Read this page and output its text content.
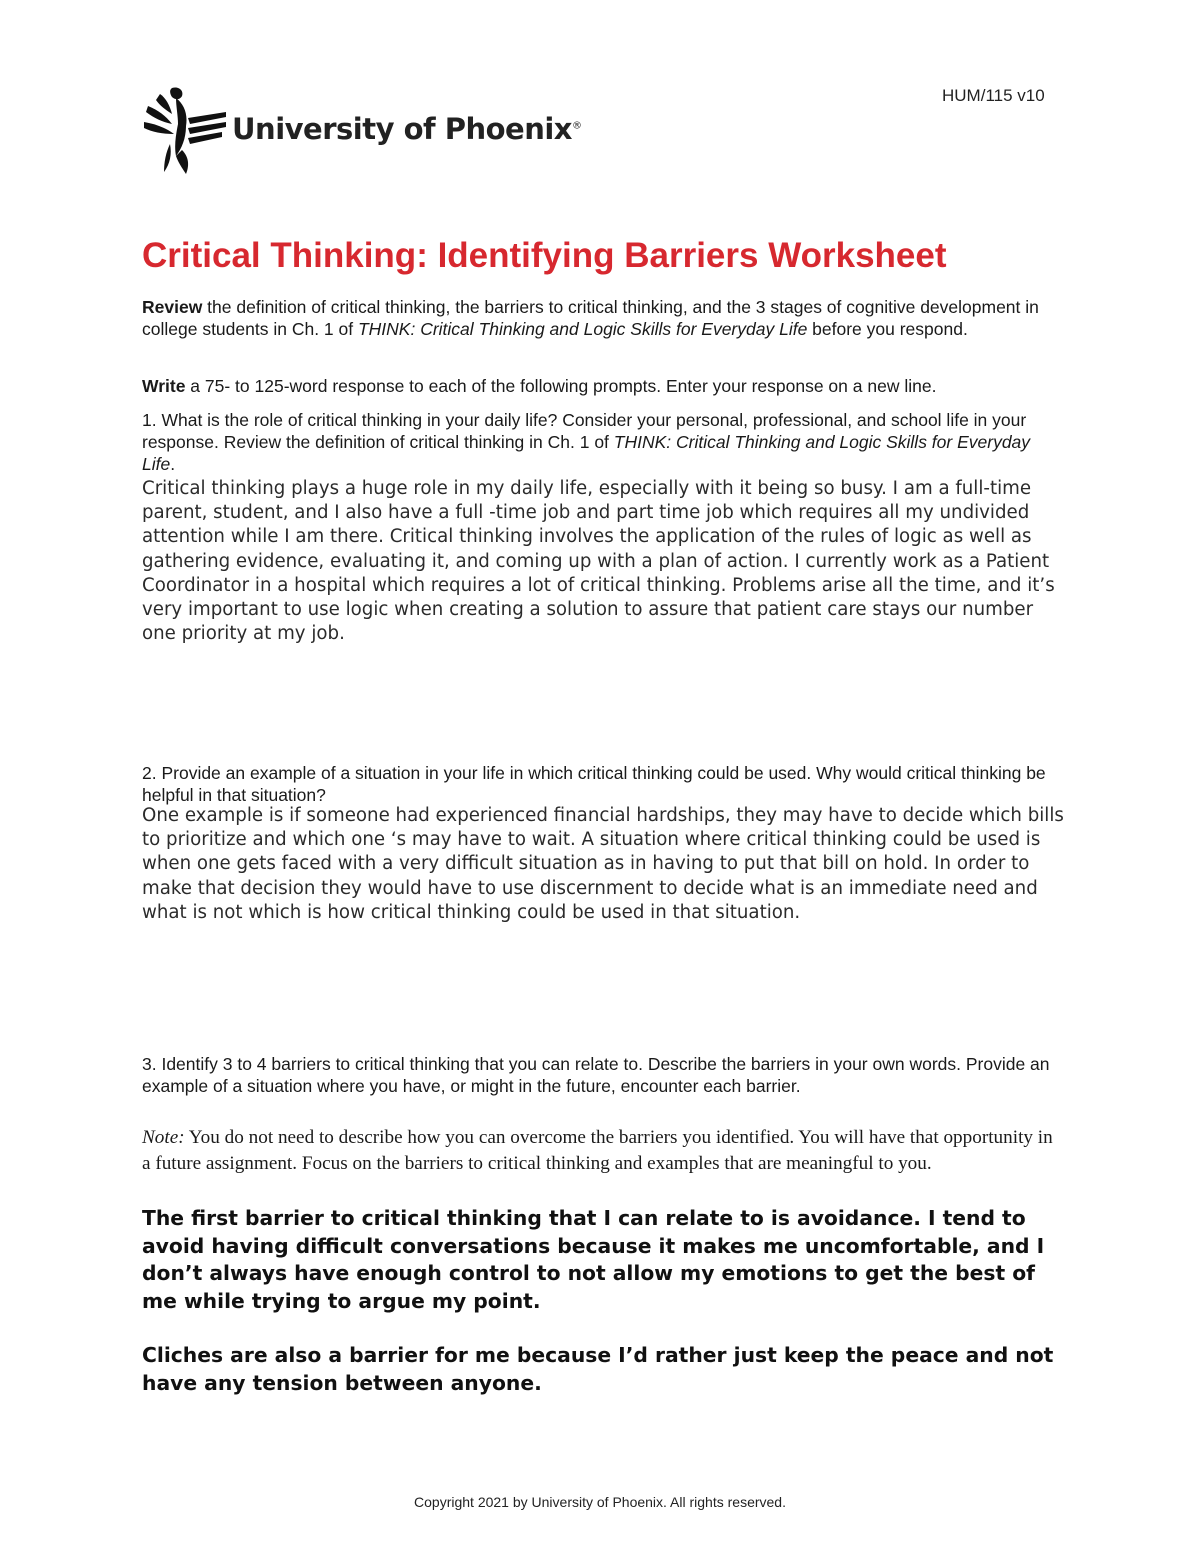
University of Phoenix®
HUM/115 v10
Critical Thinking: Identifying Barriers Worksheet

Review the definition of critical thinking, the barriers to critical thinking, and the 3 stages of cognitive development in college students in Ch. 1 of THINK: Critical Thinking and Logic Skills for Everyday Life before you respond.

Write a 75- to 125-word response to each of the following prompts. Enter your response on a new line.

1. What is the role of critical thinking in your daily life? Consider your personal, professional, and school life in your response. Review the definition of critical thinking in Ch. 1 of THINK: Critical Thinking and Logic Skills for Everyday Life.

Critical thinking plays a huge role in my daily life, especially with it being so busy. I am a full-time parent, student, and I also have a full -time job and part time job which requires all my undivided attention while I am there. Critical thinking involves the application of the rules of logic as well as gathering evidence, evaluating it, and coming up with a plan of action. I currently work as a Patient Coordinator in a hospital which requires a lot of critical thinking. Problems arise all the time, and it’s very important to use logic when creating a solution to assure that patient care stays our number one priority at my job.

2. Provide an example of a situation in your life in which critical thinking could be used. Why would critical thinking be helpful in that situation?

One example is if someone had experienced financial hardships, they may have to decide which bills to prioritize and which one ‘s may have to wait. A situation where critical thinking could be used is when one gets faced with a very difficult situation as in having to put that bill on hold. In order to make that decision they would have to use discernment to decide what is an immediate need and what is not which is how critical thinking could be used in that situation.

3. Identify 3 to 4 barriers to critical thinking that you can relate to. Describe the barriers in your own words. Provide an example of a situation where you have, or might in the future, encounter each barrier.

Note: You do not need to describe how you can overcome the barriers you identified. You will have that opportunity in a future assignment. Focus on the barriers to critical thinking and examples that are meaningful to you.

The first barrier to critical thinking that I can relate to is avoidance. I tend to avoid having difficult conversations because it makes me uncomfortable, and I don’t always have enough control to not allow my emotions to get the best of me while trying to argue my point.

Cliches are also a barrier for me because I’d rather just keep the peace and not have any tension between anyone.

Copyright 2021 by University of Phoenix. All rights reserved.
